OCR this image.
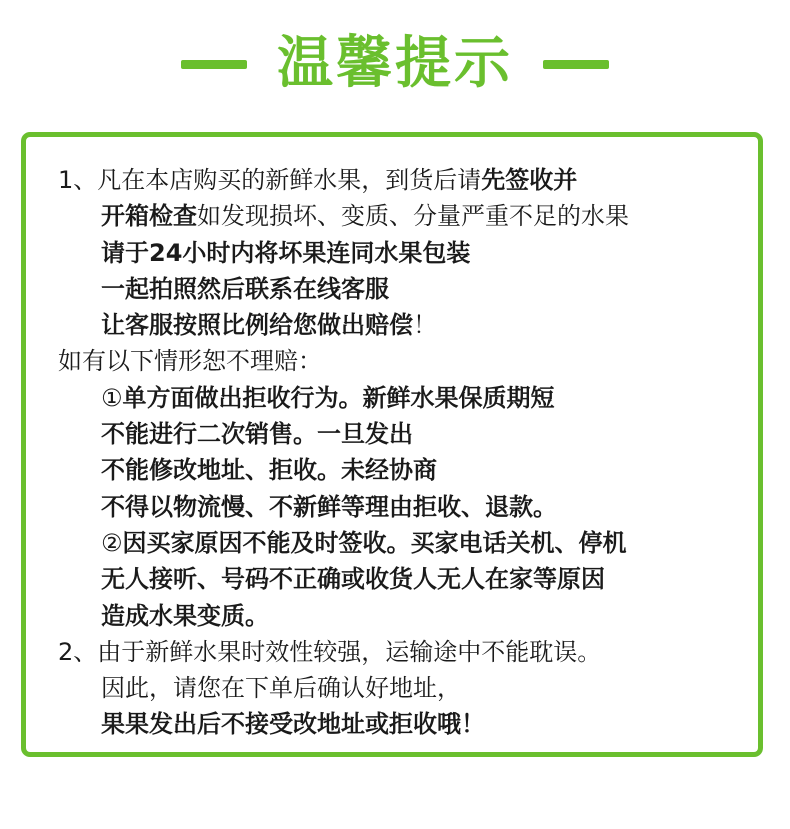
温馨提示
1、凡在本店购买的新鲜水果，到货后请先签收并
开箱检查如发现损坏、变质、分量严重不足的水果
请于24小时内将坏果连同水果包装
一起拍照然后联系在线客服
让客服按照比例给您做出赔偿！
如有以下情形恕不理赔：
①单方面做出拒收行为。新鲜水果保质期短
不能进行二次销售。一旦发出
不能修改地址、拒收。未经协商
不得以物流慢、不新鲜等理由拒收、退款。
②因买家原因不能及时签收。买家电话关机、停机
无人接听、号码不正确或收货人无人在家等原因
造成水果变质。
2、由于新鲜水果时效性较强，运输途中不能耽误。
因此，请您在下单后确认好地址，
果果发出后不接受改地址或拒收哦！
